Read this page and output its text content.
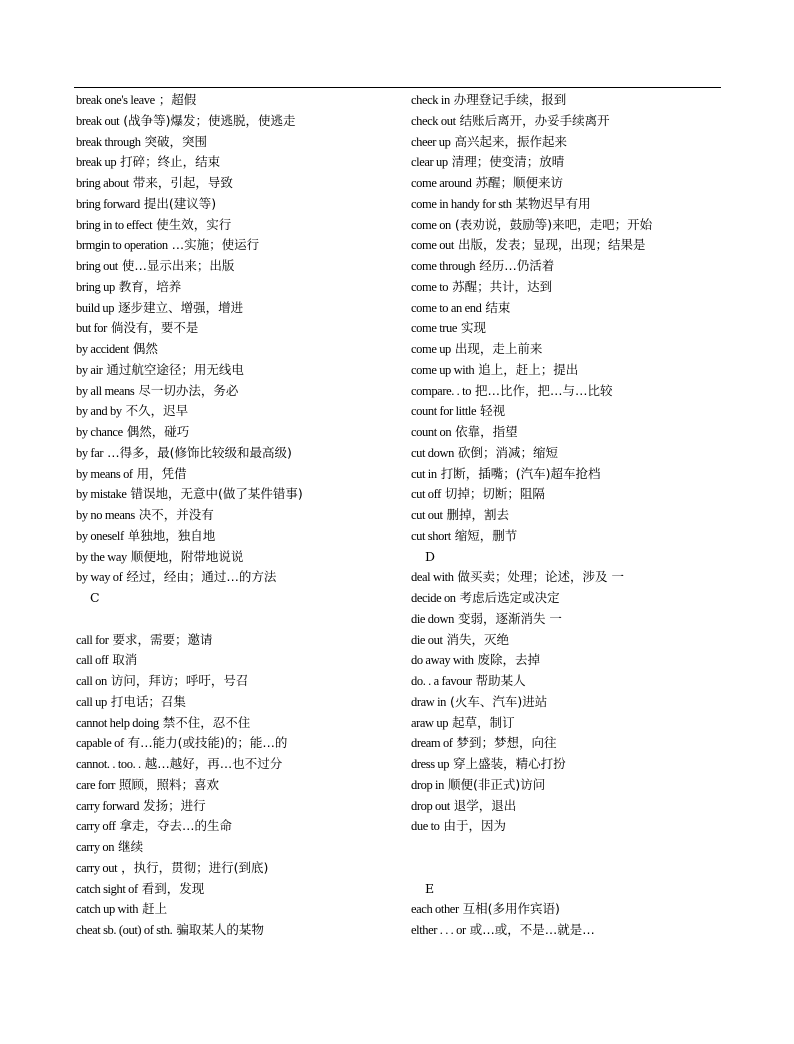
break one's leave ；超假
break out (战争等)爆发；使逃脱，使逃走
break through 突破，突围
break up 打碎；终止，结束
bring about 带来，引起，导致
bring forward 提出(建议等)
bring in to effect 使生效，实行
brmgin to operation …实施；使运行
bring out 使…显示出来；出版
bring up 教育，培养
build up 逐步建立、增强，增进
but for 倘没有，要不是
by accident 偶然
by air 通过航空途径；用无线电
by all means 尽一切办法，务必
by and by 不久，迟早
by chance 偶然，碰巧
by far …得多，最(修饰比较级和最高级)
by means of 用，凭借
by mistake 错误地，无意中(做了某件错事)
by no means 决不，并没有
by oneself 单独地，独自地
by the way 顺便地，附带地说说
by way of 经过，经由；通过…的方法
C
call for 要求，需要；邀请
call off 取消
call on 访问，拜访；呼吁，号召
call up 打电话；召集
cannot help doing 禁不住，忍不住
capable of 有…能力(或技能)的；能…的
cannot. . too. . 越…越好，再…也不过分
care forr 照顾，照料；喜欢
carry forward 发扬；进行
carry off 拿走，夺去…的生命
carry on 继续
carry out ，执行，贯彻；进行(到底)
catch sight of 看到，发现
catch up with 赶上
cheat sb. (out) of sth. 骗取某人的某物
check in 办理登记手续，报到
check out 结账后离开，办妥手续离开
cheer up 高兴起来，振作起来
clear up 清理；使变清；放晴
come around 苏醒；顺便来访
come in handy for sth 某物迟早有用
come on (表劝说，鼓励等)来吧，走吧；开始
come out 出版，发表；显现，出现；结果是
come through 经历…仍活着
come to 苏醒；共计，达到
come to an end 结束
come true 实现
come up 出现，走上前来
come up with 追上，赶上；提出
compare. . to 把…比作，把…与…比较
count for little 轻视
count on 依靠，指望
cut down 砍倒；消减；缩短
cut in 打断，插嘴；(汽车)超车抢档
cut off 切掉；切断；阻隔
cut out 删掉，割去
cut short 缩短，删节
D
deal with 做买卖；处理；论述，涉及 一
decide on 考虑后选定或决定
die down 变弱，逐渐消失 一
die out 消失，灭绝
do away with 废除，去掉
do. . a favour 帮助某人
draw in (火车、汽车)进站
araw up 起草，制订
dream of 梦到；梦想，向往
dress up 穿上盛装，精心打扮
drop in 顺便(非正式)访问
drop out 退学，退出
due to 由于，因为
E
each other 互相(多用作宾语)
elther . . . or 或…或，不是…就是…
